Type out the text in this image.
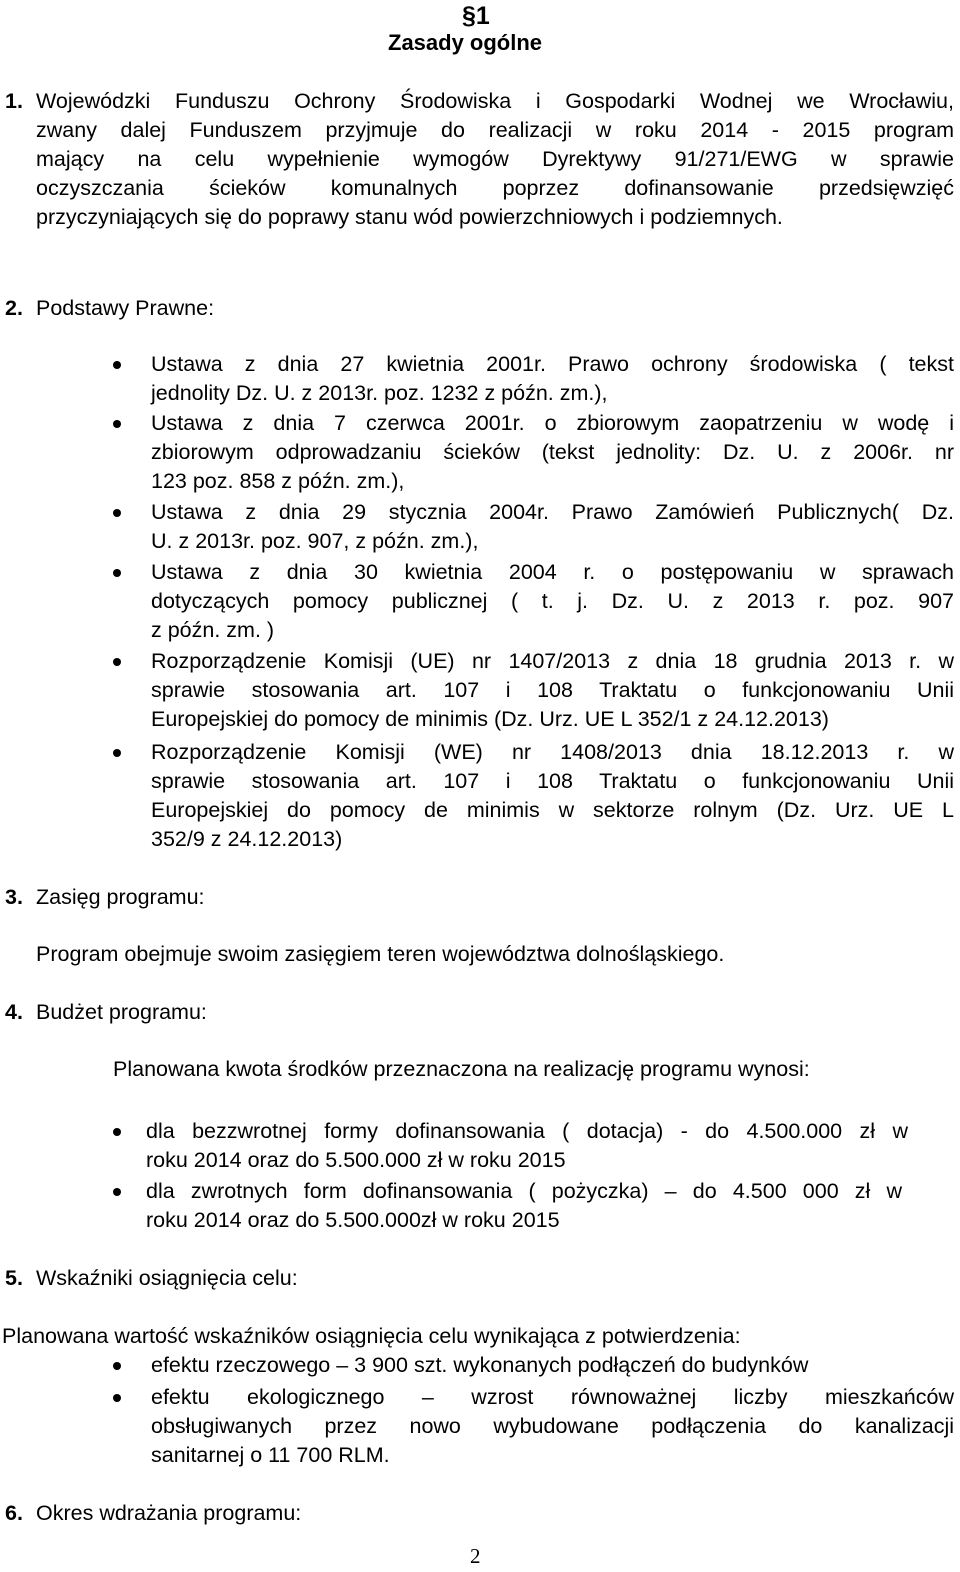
§1
Zasady ogólne
1. Wojewódzki Funduszu Ochrony Środowiska i Gospodarki Wodnej we Wrocławiu,
zwany dalej Funduszem przyjmuje do realizacji w roku 2014 - 2015 program
mający na celu wypełnienie wymogów Dyrektywy 91/271/EWG w sprawie
oczyszczania ścieków komunalnych poprzez dofinansowanie przedsięwzięć
przyczyniających się do poprawy stanu wód powierzchniowych i podziemnych.
2. Podstawy Prawne:
Ustawa z dnia 27 kwietnia 2001r. Prawo ochrony środowiska ( tekst
jednolity Dz. U. z 2013r. poz. 1232 z późn. zm.),
Ustawa z dnia 7 czerwca 2001r. o zbiorowym zaopatrzeniu w wodę i
zbiorowym odprowadzaniu ścieków (tekst jednolity: Dz. U. z 2006r. nr
123 poz. 858 z późn. zm.),
Ustawa z dnia 29 stycznia 2004r. Prawo Zamówień Publicznych( Dz.
U. z 2013r. poz. 907, z późn. zm.),
Ustawa z dnia 30 kwietnia 2004 r. o postępowaniu w sprawach
dotyczących pomocy publicznej ( t. j. Dz. U. z 2013 r. poz. 907
z późn. zm. )
Rozporządzenie Komisji (UE) nr 1407/2013 z dnia 18 grudnia 2013 r. w
sprawie stosowania art. 107 i 108 Traktatu o funkcjonowaniu Unii
Europejskiej do pomocy de minimis (Dz. Urz. UE L 352/1 z 24.12.2013)
Rozporządzenie Komisji (WE) nr 1408/2013 dnia 18.12.2013 r. w
sprawie stosowania art. 107 i 108 Traktatu o funkcjonowaniu Unii
Europejskiej do pomocy de minimis w sektorze rolnym (Dz. Urz. UE L
352/9 z 24.12.2013)
3. Zasięg programu:
Program obejmuje swoim zasięgiem teren województwa dolnośląskiego.
4. Budżet programu:
Planowana kwota środków przeznaczona na realizację programu wynosi:
dla bezzwrotnej formy dofinansowania ( dotacja) - do 4.500.000 zł w
roku 2014 oraz do 5.500.000 zł w roku 2015
dla zwrotnych form dofinansowania ( pożyczka) – do 4.500 000 zł w
roku 2014 oraz do 5.500.000zł w roku 2015
5. Wskaźniki osiągnięcia celu:
Planowana wartość wskaźników osiągnięcia celu wynikająca z potwierdzenia:
efektu rzeczowego – 3 900 szt. wykonanych podłączeń do budynków
efektu ekologicznego – wzrost równoważnej liczby mieszkańców
obsługiwanych przez nowo wybudowane podłączenia do kanalizacji
sanitarnej o 11 700 RLM.
6. Okres wdrażania programu:
2
